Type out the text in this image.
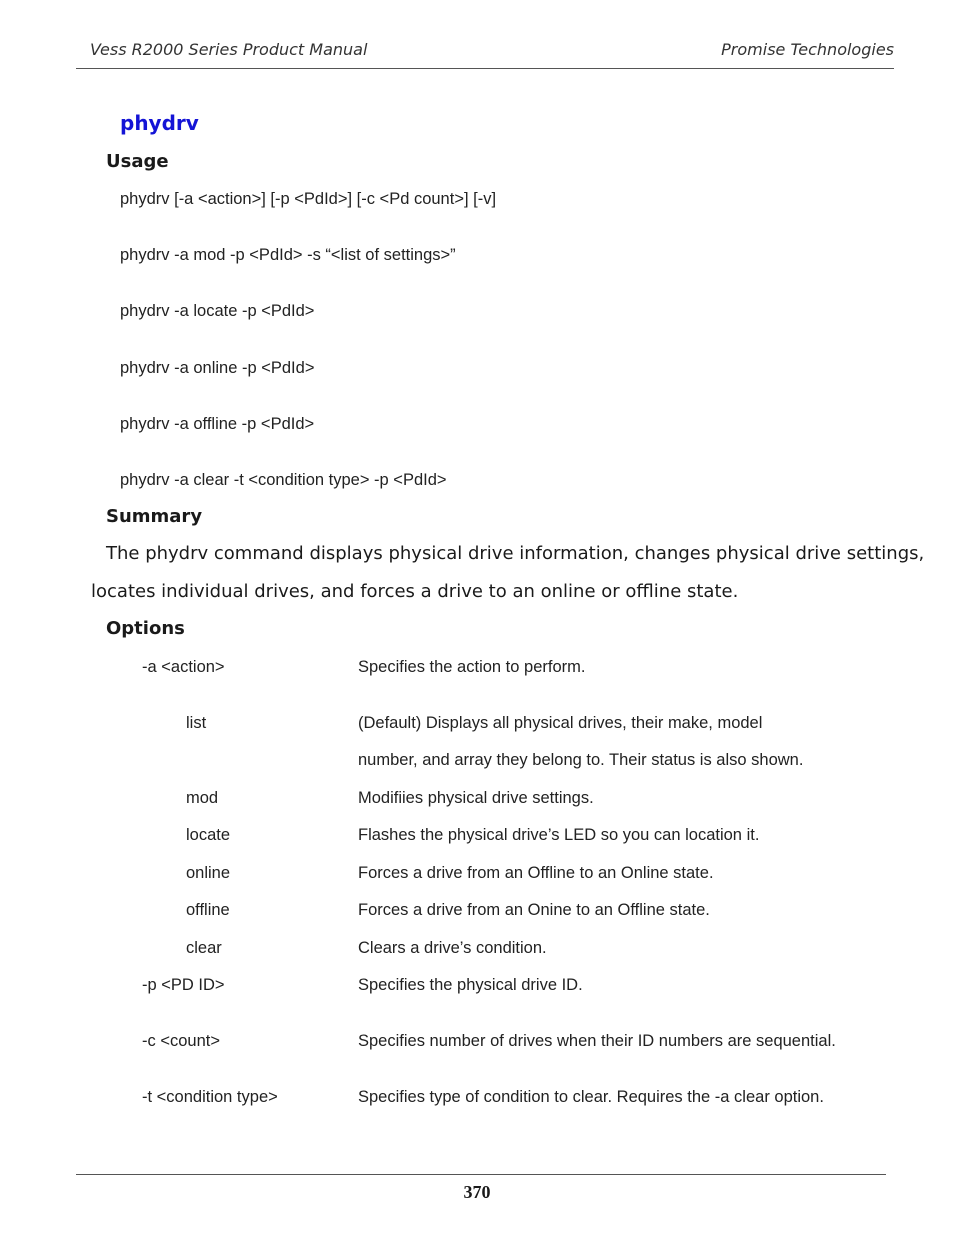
Vess R2000 Series Product Manual	Promise Technologies
phydrv
Usage
phydrv [-a <action>] [-p <PdId>] [-c <Pd count>] [-v]
phydrv -a mod -p <PdId> -s “<list of settings>”
phydrv -a locate -p <PdId>
phydrv -a online -p <PdId>
phydrv -a offline -p <PdId>
phydrv -a clear -t <condition type> -p <PdId>
Summary
The phydrv command displays physical drive information, changes physical drive settings,
locates individual drives, and forces a drive to an online or offline state.
Options
-a <action>	Specifies the action to perform.
list	(Default) Displays all physical drives, their make, model
number, and array they belong to. Their status is also shown.
mod	Modifiies physical drive settings.
locate	Flashes the physical drive’s LED so you can location it.
online	Forces a drive from an Offline to an Online state.
offline	Forces a drive from an Onine to an Offline state.
clear	Clears a drive’s condition.
-p <PD ID>	Specifies the physical drive ID.
-c <count>	Specifies number of drives when their ID numbers are sequential.
-t <condition type>	Specifies type of condition to clear. Requires the -a clear option.
370
